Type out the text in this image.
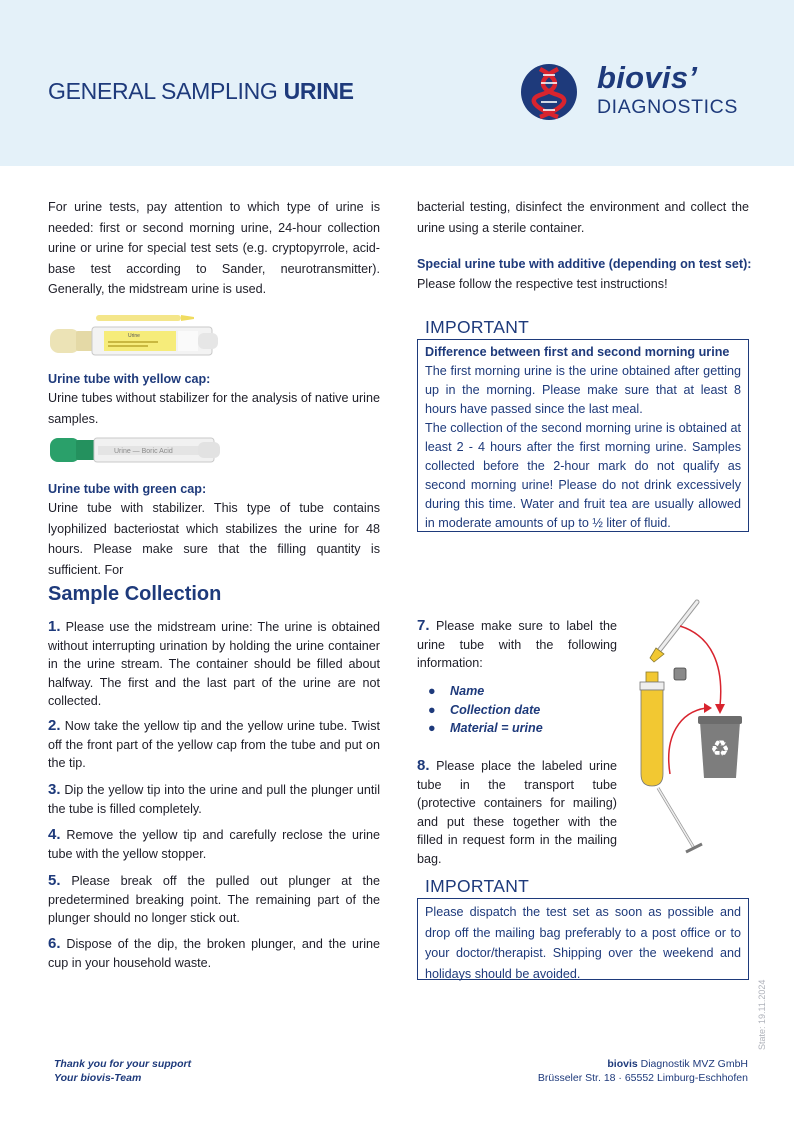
GENERAL SAMPLING URINE	biovis’
DIAGNOSTICS
For urine tests, pay attention to which type of urine is needed: first or second morning urine, 24-hour collection urine or urine for special test sets (e.g. cryptopyrrole, acid-base test according to Sander, neurotransmitter). Generally, the midstream urine is used.
Urine
Urine tube with yellow cap:
Urine tubes without stabilizer for the analysis of native urine samples.
Urine — Boric Acid
Urine tube with green cap:
Urine tube with stabilizer. This type of tube contains lyophilized bacteriostat which stabilizes the urine for 48 hours. Please make sure that the filling quantity is sufficient. For
bacterial testing, disinfect the environment and collect the urine using a sterile container.
Special urine tube with additive (depending on test set):
Please follow the respective test instructions!
IMPORTANT
Difference between first and second morning urine
The first morning urine is the urine obtained after getting up in the morning. Please make sure that at least 8 hours have passed since the last meal.
The collection of the second morning urine is obtained at least 2 - 4 hours after the first morning urine. Samples collected before the 2-hour mark do not qualify as second morning urine! Please do not drink excessively during this time. Water and fruit tea are usually allowed in moderate amounts of up to ½ liter of fluid.
Sample Collection
1. Please use the midstream urine: The urine is obtained without interrupting urination by holding the urine container in the urine stream. The container should be filled about halfway. The first and the last part of the urine are not collected.
2. Now take the yellow tip and the yellow urine tube. Twist off the front part of the yellow cap from the tube and put on the tip.
3. Dip the yellow tip into the urine and pull the plunger until the tube is filled completely.
4. Remove the yellow tip and carefully reclose the urine tube with the yellow stopper.
5. Please break off the pulled out plunger at the predetermined breaking point. The remaining part of the plunger should no longer stick out.
6. Dispose of the dip, the broken plunger, and the urine cup in your household waste.
7. Please make sure to label the urine tube with the following information:
● Name
● Collection date
● Material = urine
8. Please place the labeled urine tube in the transport tube (protective containers for mailing) and put these together with the filled in request form in the mailing bag.
♻
IMPORTANT
Please dispatch the test set as soon as possible and drop off the mailing bag preferably to a post office or to your doctor/therapist. Shipping over the weekend and holidays should be avoided.
State: 19.11.2024
Thank you for your support
Your biovis-Team
biovis Diagnostik MVZ GmbH
Brüsseler Str. 18 · 65552 Limburg-Eschhofen
